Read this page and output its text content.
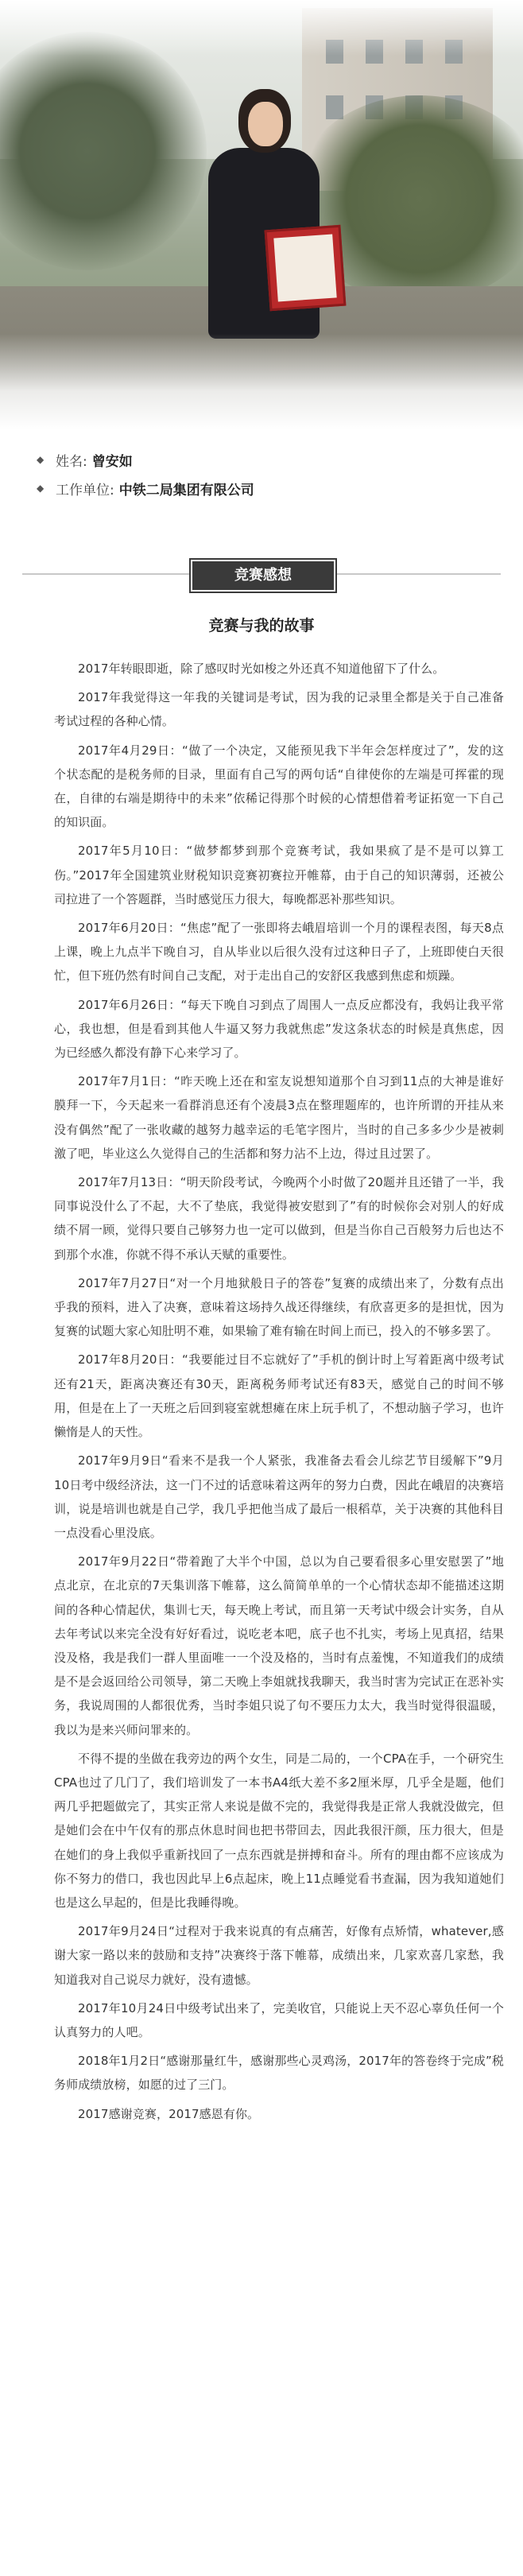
◆ 姓名: 曾安如
◆ 工作单位: 中铁二局集团有限公司
竞赛感想
竞赛与我的故事

2017年转眼即逝，除了感叹时光如梭之外还真不知道他留下了什么。

2017年我觉得这一年我的关键词是考试，因为我的记录里全都是关于自己准备考试过程的各种心情。

2017年4月29日：“做了一个决定，又能预见我下半年会怎样度过了”，发的这个状态配的是税务师的目录，里面有自己写的两句话“自律使你的左端是可挥霍的现在，自律的右端是期待中的未来”依稀记得那个时候的心情想借着考证拓宽一下自己的知识面。

2017年5月10日：“做梦都梦到那个竞赛考试，我如果疯了是不是可以算工伤。”2017年全国建筑业财税知识竞赛初赛拉开帷幕，由于自己的知识薄弱，还被公司拉进了一个答题群，当时感觉压力很大，每晚都恶补那些知识。

2017年6月20日：“焦虑”配了一张即将去峨眉培训一个月的课程表图，每天8点上课，晚上九点半下晚自习，自从毕业以后很久没有过这种日子了，上班即使白天很忙，但下班仍然有时间自己支配，对于走出自己的安舒区我感到焦虑和烦躁。

2017年6月26日：“每天下晚自习到点了周围人一点反应都没有，我妈让我平常心，我也想，但是看到其他人牛逼又努力我就焦虑”发这条状态的时候是真焦虑，因为已经感久都没有静下心来学习了。

2017年7月1日：“昨天晚上还在和室友说想知道那个自习到11点的大神是谁好膜拜一下，今天起来一看群消息还有个凌晨3点在整理题库的，也许所谓的开挂从来没有偶然”配了一张收藏的越努力越幸运的毛笔字图片，当时的自己多多少少是被刺激了吧，毕业这么久觉得自己的生活都和努力沾不上边，得过且过罢了。

2017年7月13日：“明天阶段考试，今晚两个小时做了20题并且还错了一半，我同事说没什么了不起，大不了垫底，我觉得被安慰到了”有的时候你会对别人的好成绩不屑一顾，觉得只要自己够努力也一定可以做到，但是当你自己百般努力后也达不到那个水准，你就不得不承认天赋的重要性。

2017年7月27日“对一个月地狱般日子的答卷”复赛的成绩出来了，分数有点出乎我的预料，进入了决赛，意味着这场持久战还得继续，有欣喜更多的是担忧，因为复赛的试题大家心知肚明不难，如果输了难有输在时间上而已，投入的不够多罢了。

2017年8月20日：“我要能过目不忘就好了”手机的倒计时上写着距离中级考试还有21天，距离决赛还有30天，距离税务师考试还有83天，感觉自己的时间不够用，但是在上了一天班之后回到寝室就想瘫在床上玩手机了，不想动脑子学习，也许懒惰是人的天性。

2017年9月9日“看来不是我一个人紧张，我准备去看会儿综艺节目缓解下”9月10日考中级经济法，这一门不过的话意味着这两年的努力白费，因此在峨眉的决赛培训，说是培训也就是自己学，我几乎把他当成了最后一根稻草，关于决赛的其他科目一点没看心里没底。

2017年9月22日“带着跑了大半个中国，总以为自己要看很多心里安慰罢了”地点北京，在北京的7天集训落下帷幕，这么简简单单的一个心情状态却不能描述这期间的各种心情起伏，集训七天，每天晚上考试，而且第一天考试中级会计实务，自从去年考试以来完全没有好好看过，说吃老本吧，底子也不扎实，考场上见真招，结果没及格，我是我们一群人里面唯一一个没及格的，当时有点羞愧，不知道我们的成绩是不是会返回给公司领导，第二天晚上李姐就找我聊天，我当时害为完试正在恶补实务，我说周围的人都很优秀，当时李姐只说了句不要压力太大，我当时觉得很温暖，我以为是来兴师问罪来的。

不得不提的坐做在我旁边的两个女生，同是二局的，一个CPA在手，一个研究生CPA也过了几门了，我们培训发了一本书A4纸大差不多2厘米厚，几乎全是题，他们两几乎把题做完了，其实正常人来说是做不完的，我觉得我是正常人我就没做完，但是她们会在中午仅有的那点休息时间也把书带回去，因此我很汗颜，压力很大，但是在她们的身上我似乎重新找回了一点东西就是拼搏和奋斗。所有的理由都不应该成为你不努力的借口，我也因此早上6点起床，晚上11点睡觉看书查漏，因为我知道她们也是这么早起的，但是比我睡得晚。

2017年9月24日“过程对于我来说真的有点痛苦，好像有点矫情，whatever,感谢大家一路以来的鼓励和支持”决赛终于落下帷幕，成绩出来，几家欢喜几家愁，我知道我对自己说尽力就好，没有遗憾。

2017年10月24日中级考试出来了，完美收官，只能说上天不忍心辜负任何一个认真努力的人吧。

2018年1月2日“感谢那量红牛，感谢那些心灵鸡汤，2017年的答卷终于完成”税务师成绩放榜，如愿的过了三门。

2017感谢竞赛，2017感恩有你。
